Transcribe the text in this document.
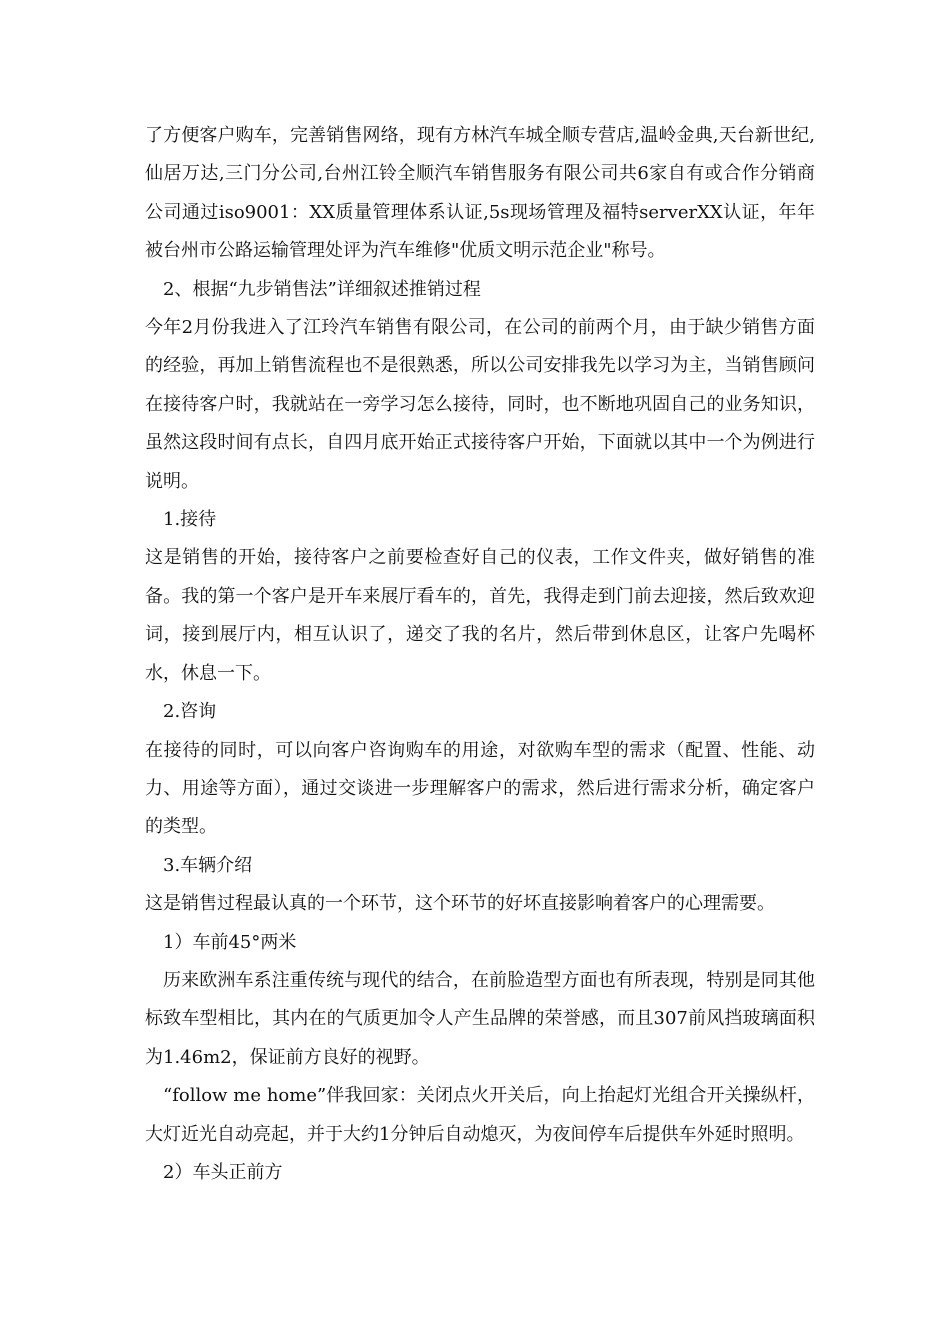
了方便客户购车，完善销售网络，现有方林汽车城全顺专营店,温岭金典,天台新世纪,仙居万达,三门分公司,台州江铃全顺汽车销售服务有限公司共6家自有或合作分销商公司通过iso9001：XX质量管理体系认证,5s现场管理及福特serverXX认证，年年被台州市公路运输管理处评为汽车维修"优质文明示范企业"称号。

2、根据“九步销售法”详细叙述推销过程

今年2月份我进入了江玲汽车销售有限公司，在公司的前两个月，由于缺少销售方面的经验，再加上销售流程也不是很熟悉，所以公司安排我先以学习为主，当销售顾问在接待客户时，我就站在一旁学习怎么接待，同时，也不断地巩固自己的业务知识，虽然这段时间有点长，自四月底开始正式接待客户开始，下面就以其中一个为例进行说明。

1.接待

这是销售的开始，接待客户之前要检查好自己的仪表，工作文件夹，做好销售的准备。我的第一个客户是开车来展厅看车的，首先，我得走到门前去迎接，然后致欢迎词，接到展厅内，相互认识了，递交了我的名片，然后带到休息区，让客户先喝杯水，休息一下。

2.咨询

在接待的同时，可以向客户咨询购车的用途，对欲购车型的需求（配置、性能、动力、用途等方面），通过交谈进一步理解客户的需求，然后进行需求分析，确定客户的类型。

3.车辆介绍

这是销售过程最认真的一个环节，这个环节的好坏直接影响着客户的心理需要。

1）车前45°两米

历来欧洲车系注重传统与现代的结合，在前脸造型方面也有所表现，特别是同其他标致车型相比，其内在的气质更加令人产生品牌的荣誉感，而且307前风挡玻璃面积为1.46m2，保证前方良好的视野。

“follow me home”伴我回家：关闭点火开关后，向上抬起灯光组合开关操纵杆，大灯近光自动亮起，并于大约1分钟后自动熄灭，为夜间停车后提供车外延时照明。

2）车头正前方
